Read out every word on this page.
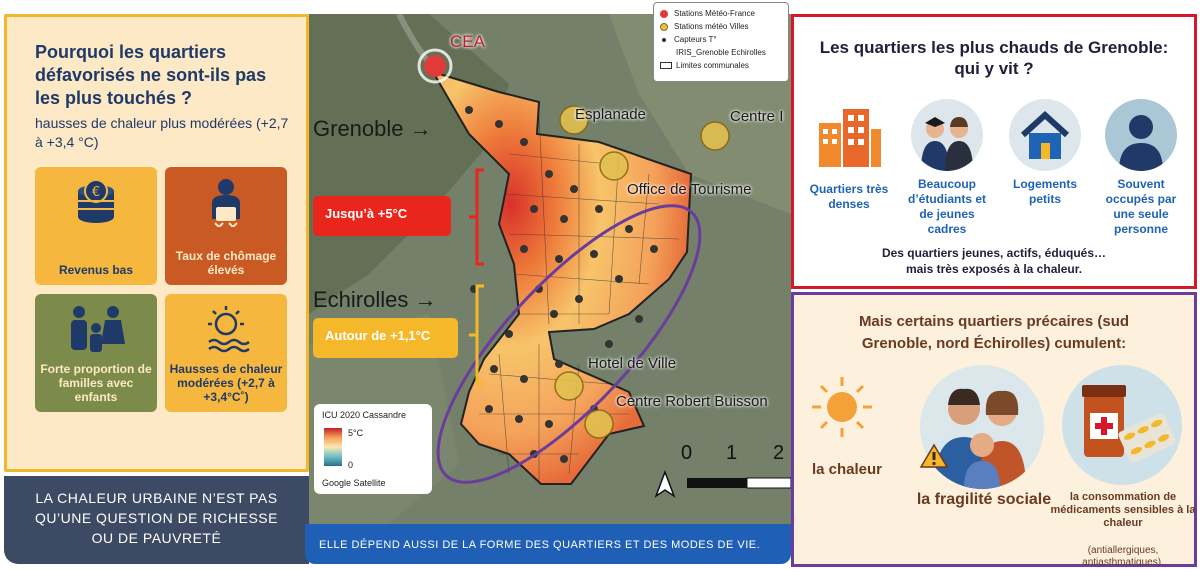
Pourquoi les quartiers défavorisés ne sont-ils pas les plus touchés ?
hausses de chaleur plus modérées (+2,7 à +3,4 °C)
€
Revenus bas
Taux de chômage élevés
Forte proportion de familles avec enfants
Hausses de chaleur modérées (+2,7 à +3,4°C˚)
LA CHALEUR URBAINE N’EST PAS
QU’UNE QUESTION DE RICHESSE
OU DE PAUVRETÉ
Grenoble →
Echirolles →
CEA
Esplanade	Centre I
Office de Tourisme
Hotel de Ville
Centre Robert Buisson
0 1 2
Jusqu’à +5°C
Autour de +1,1°C
Stations Météo-France
Stations météo Villes
Capteurs T°
IRIS_Grenoble Echirolles
Limites communales
ICU 2020 Cassandre
5°C
0
Google Satellite
ELLE DÉPEND AUSSI DE LA FORME DES QUARTIERS ET DES MODES DE VIE.
Les quartiers les plus chauds de Grenoble:
qui y vit ?
Quartiers très denses
Beaucoup d’étudiants et de jeunes cadres
Logements petits
Souvent occupés par une seule personne
Des quartiers jeunes, actifs, éduqués…
mais très exposés à la chaleur.
Mais certains quartiers précaires (sud
Grenoble, nord Échirolles) cumulent:
la chaleur
la fragilité sociale	la consommation de médicaments sensibles à la chaleur
(antiallergiques, antiasthmatiques).
